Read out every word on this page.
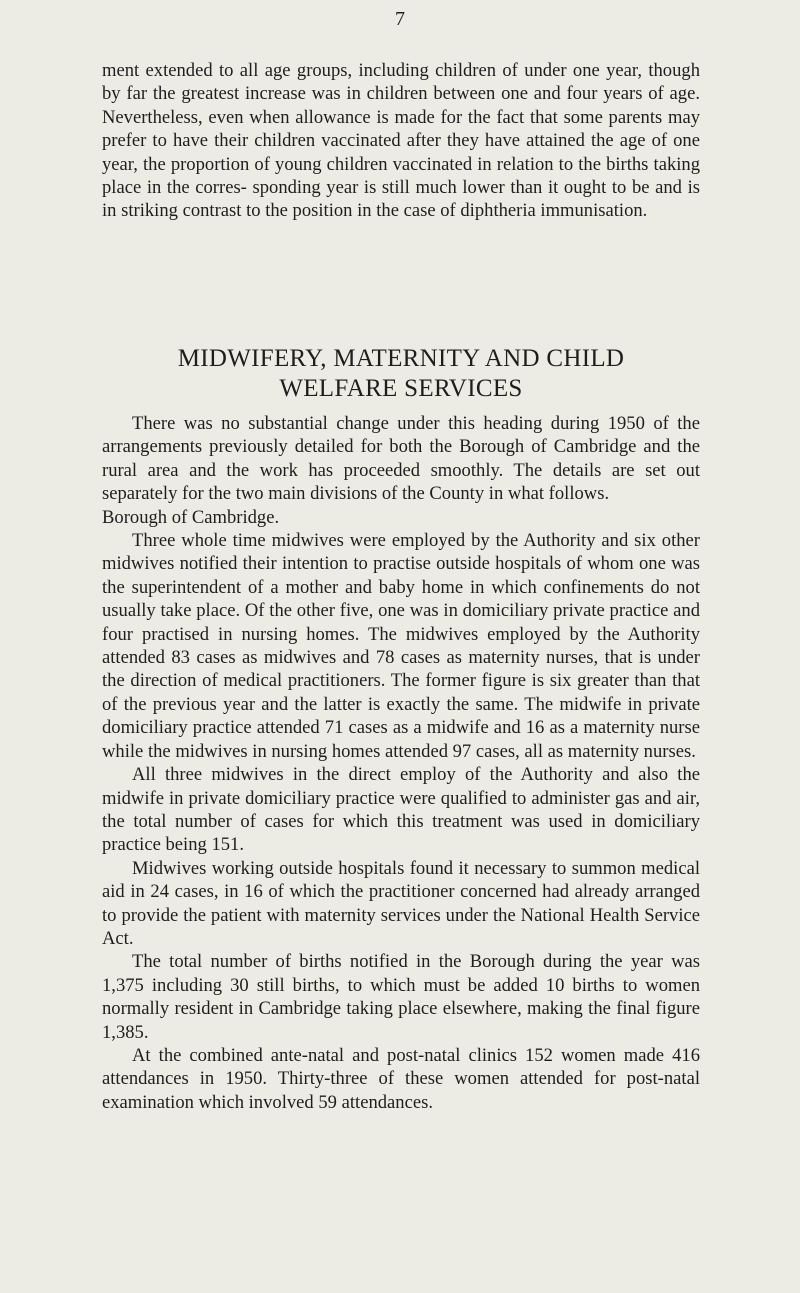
7

ment extended to all age groups, including children of under one year, though by far the greatest increase was in children between one and four years of age. Nevertheless, even when allowance is made for the fact that some parents may prefer to have their children vaccinated after they have attained the age of one year, the proportion of young children vaccinated in relation to the births taking place in the corres- sponding year is still much lower than it ought to be and is in striking contrast to the position in the case of diphtheria immunisation.

MIDWIFERY, MATERNITY AND CHILD
WELFARE SERVICES

There was no substantial change under this heading during 1950 of the arrangements previously detailed for both the Borough of Cambridge and the rural area and the work has proceeded smoothly. The details are set out separately for the two main divisions of the County in what follows.

Borough of Cambridge.

Three whole time midwives were employed by the Authority and six other midwives notified their intention to practise outside hospitals of whom one was the superintendent of a mother and baby home in which confinements do not usually take place. Of the other five, one was in domiciliary private practice and four practised in nursing homes. The midwives employed by the Authority attended 83 cases as midwives and 78 cases as maternity nurses, that is under the direction of medical practitioners. The former figure is six greater than that of the previous year and the latter is exactly the same. The midwife in private domiciliary practice attended 71 cases as a midwife and 16 as a maternity nurse while the midwives in nursing homes attended 97 cases, all as maternity nurses.

All three midwives in the direct employ of the Authority and also the midwife in private domiciliary practice were qualified to administer gas and air, the total number of cases for which this treatment was used in domiciliary practice being 151.

Midwives working outside hospitals found it necessary to summon medical aid in 24 cases, in 16 of which the practitioner concerned had already arranged to provide the patient with maternity services under the National Health Service Act.

The total number of births notified in the Borough during the year was 1,375 including 30 still births, to which must be added 10 births to women normally resident in Cambridge taking place elsewhere, making the final figure 1,385.

At the combined ante-natal and post-natal clinics 152 women made 416 attendances in 1950. Thirty-three of these women attended for post-natal examination which involved 59 attendances.
